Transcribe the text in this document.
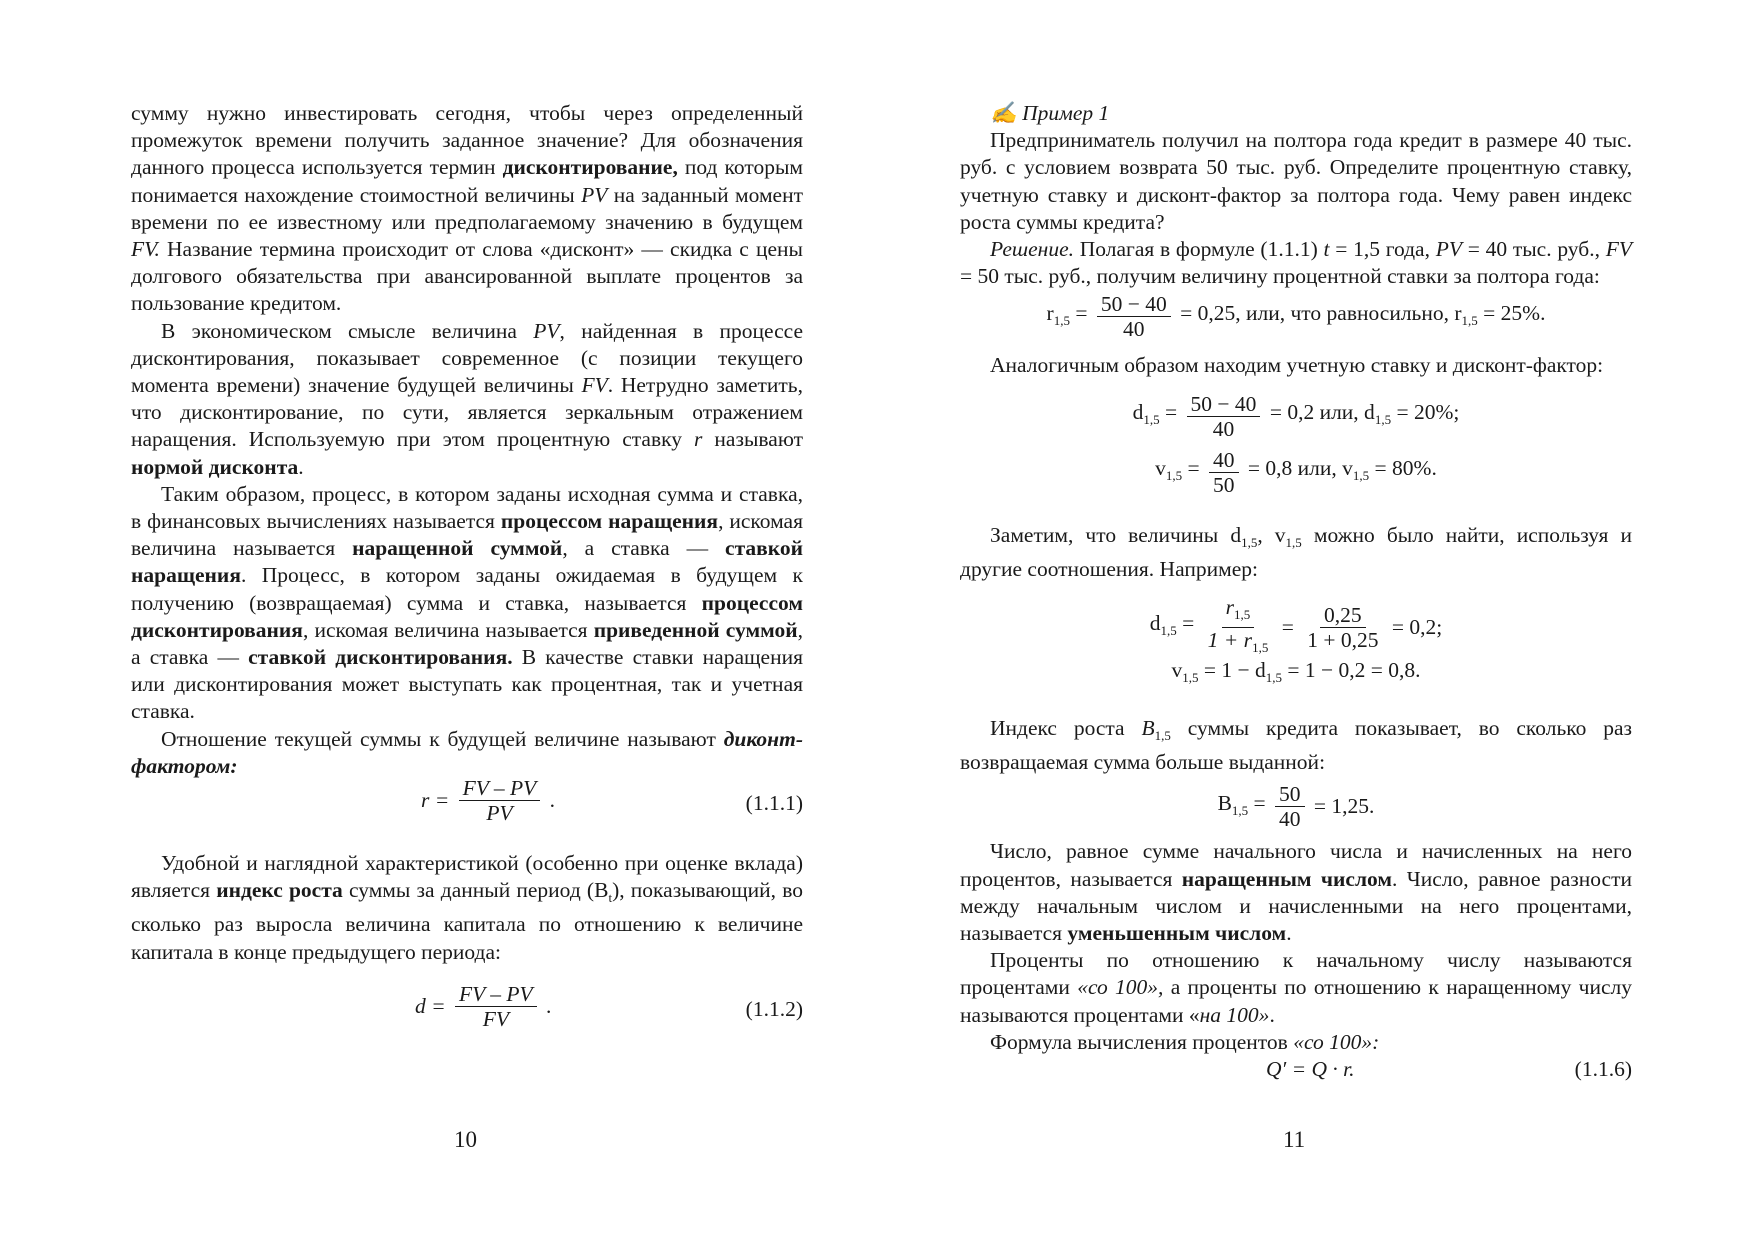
сумму нужно инвестировать сегодня, чтобы через определенный промежуток времени получить заданное значение? Для обозначения данного процесса используется термин дисконтирование, под которым понимается нахождение стоимостной величины PV на заданный момент времени по ее известному или предполагаемому значению в будущем FV. Название термина происходит от слова «дисконт» — скидка с цены долгового обязательства при авансированной выплате процентов за пользование кредитом.

В экономическом смысле величина PV, найденная в процессе дисконтирования, показывает современное (с позиции текущего момента времени) значение будущей величины FV. Нетрудно заметить, что дисконтирование, по сути, является зеркальным отражением наращения. Используемую при этом процентную ставку r называют нормой дисконта.

Таким образом, процесс, в котором заданы исходная сумма и ставка, в финансовых вычислениях называется процессом наращения, искомая величина называется наращенной суммой, а ставка — ставкой наращения. Процесс, в котором заданы ожидаемая в будущем к получению (возвращаемая) сумма и ставка, называется процессом дисконтирования, искомая величина называется приведенной суммой, а ставка — ставкой дисконтирования. В качестве ставки наращения или дисконтирования может выступать как процентная, так и учетная ставка.

Отношение текущей суммы к будущей величине называют диконт-фактором:

$r = \frac{FV - PV}{PV}$ .	(1.1.1)

Удобной и наглядной характеристикой (особенно при оценке вклада) является индекс роста суммы за данный период $(B_t)$, показывающий, во сколько раз выросла величина капитала по отношению к величине капитала в конце предыдущего периода:

$d = \frac{FV - PV}{FV}$ .	(1.1.2)
10

✍ Пример 1

Предприниматель получил на полтора года кредит в размере 40 тыс. руб. с условием возврата 50 тыс. руб. Определите процентную ставку, учетную ставку и дисконт-фактор за полтора года. Чему равен индекс роста суммы кредита?

Решение. Полагая в формуле (1.1.1) t = 1,5 года, PV = 40 тыс. руб., FV = 50 тыс. руб., получим величину процентной ставки за полтора года:

$r_{1,5} = \frac{50 - 40}{40} = 0,25$, или, что равносильно, $r_{1,5} = 25\%$.

Аналогичным образом находим учетную ставку и дисконт-фактор:

$d_{1,5} = \frac{50 - 40}{40} = 0,2$ или, $d_{1,5} = 20\%$;
$v_{1,5} = \frac{40}{50} = 0,8$ или, $v_{1,5} = 80\%$.

Заметим, что величины $d_{1,5}$, $v_{1,5}$ можно было найти, используя и другие соотношения. Например:

$d_{1,5} = \frac{r_{1,5}}{1 + r_{1,5}} = \frac{0,25}{1 + 0,25} = 0,2$;
$v_{1,5} = 1 - d_{1,5} = 1 - 0,2 = 0,8$.

Индекс роста $B_{1,5}$ суммы кредита показывает, во сколько раз возвращаемая сумма больше выданной:

$B_{1,5} = \frac{50}{40} = 1,25$.

Число, равное сумме начального числа и начисленных на него процентов, называется наращенным числом. Число, равное разности между начальным числом и начисленными на него процентами, называется уменьшенным числом.

Проценты по отношению к начальному числу называются процентами «со 100», а проценты по отношению к наращенному числу называются процентами «на 100».

Формула вычисления процентов «со 100»:

Q′ = Q · r.	(1.1.6)
11
